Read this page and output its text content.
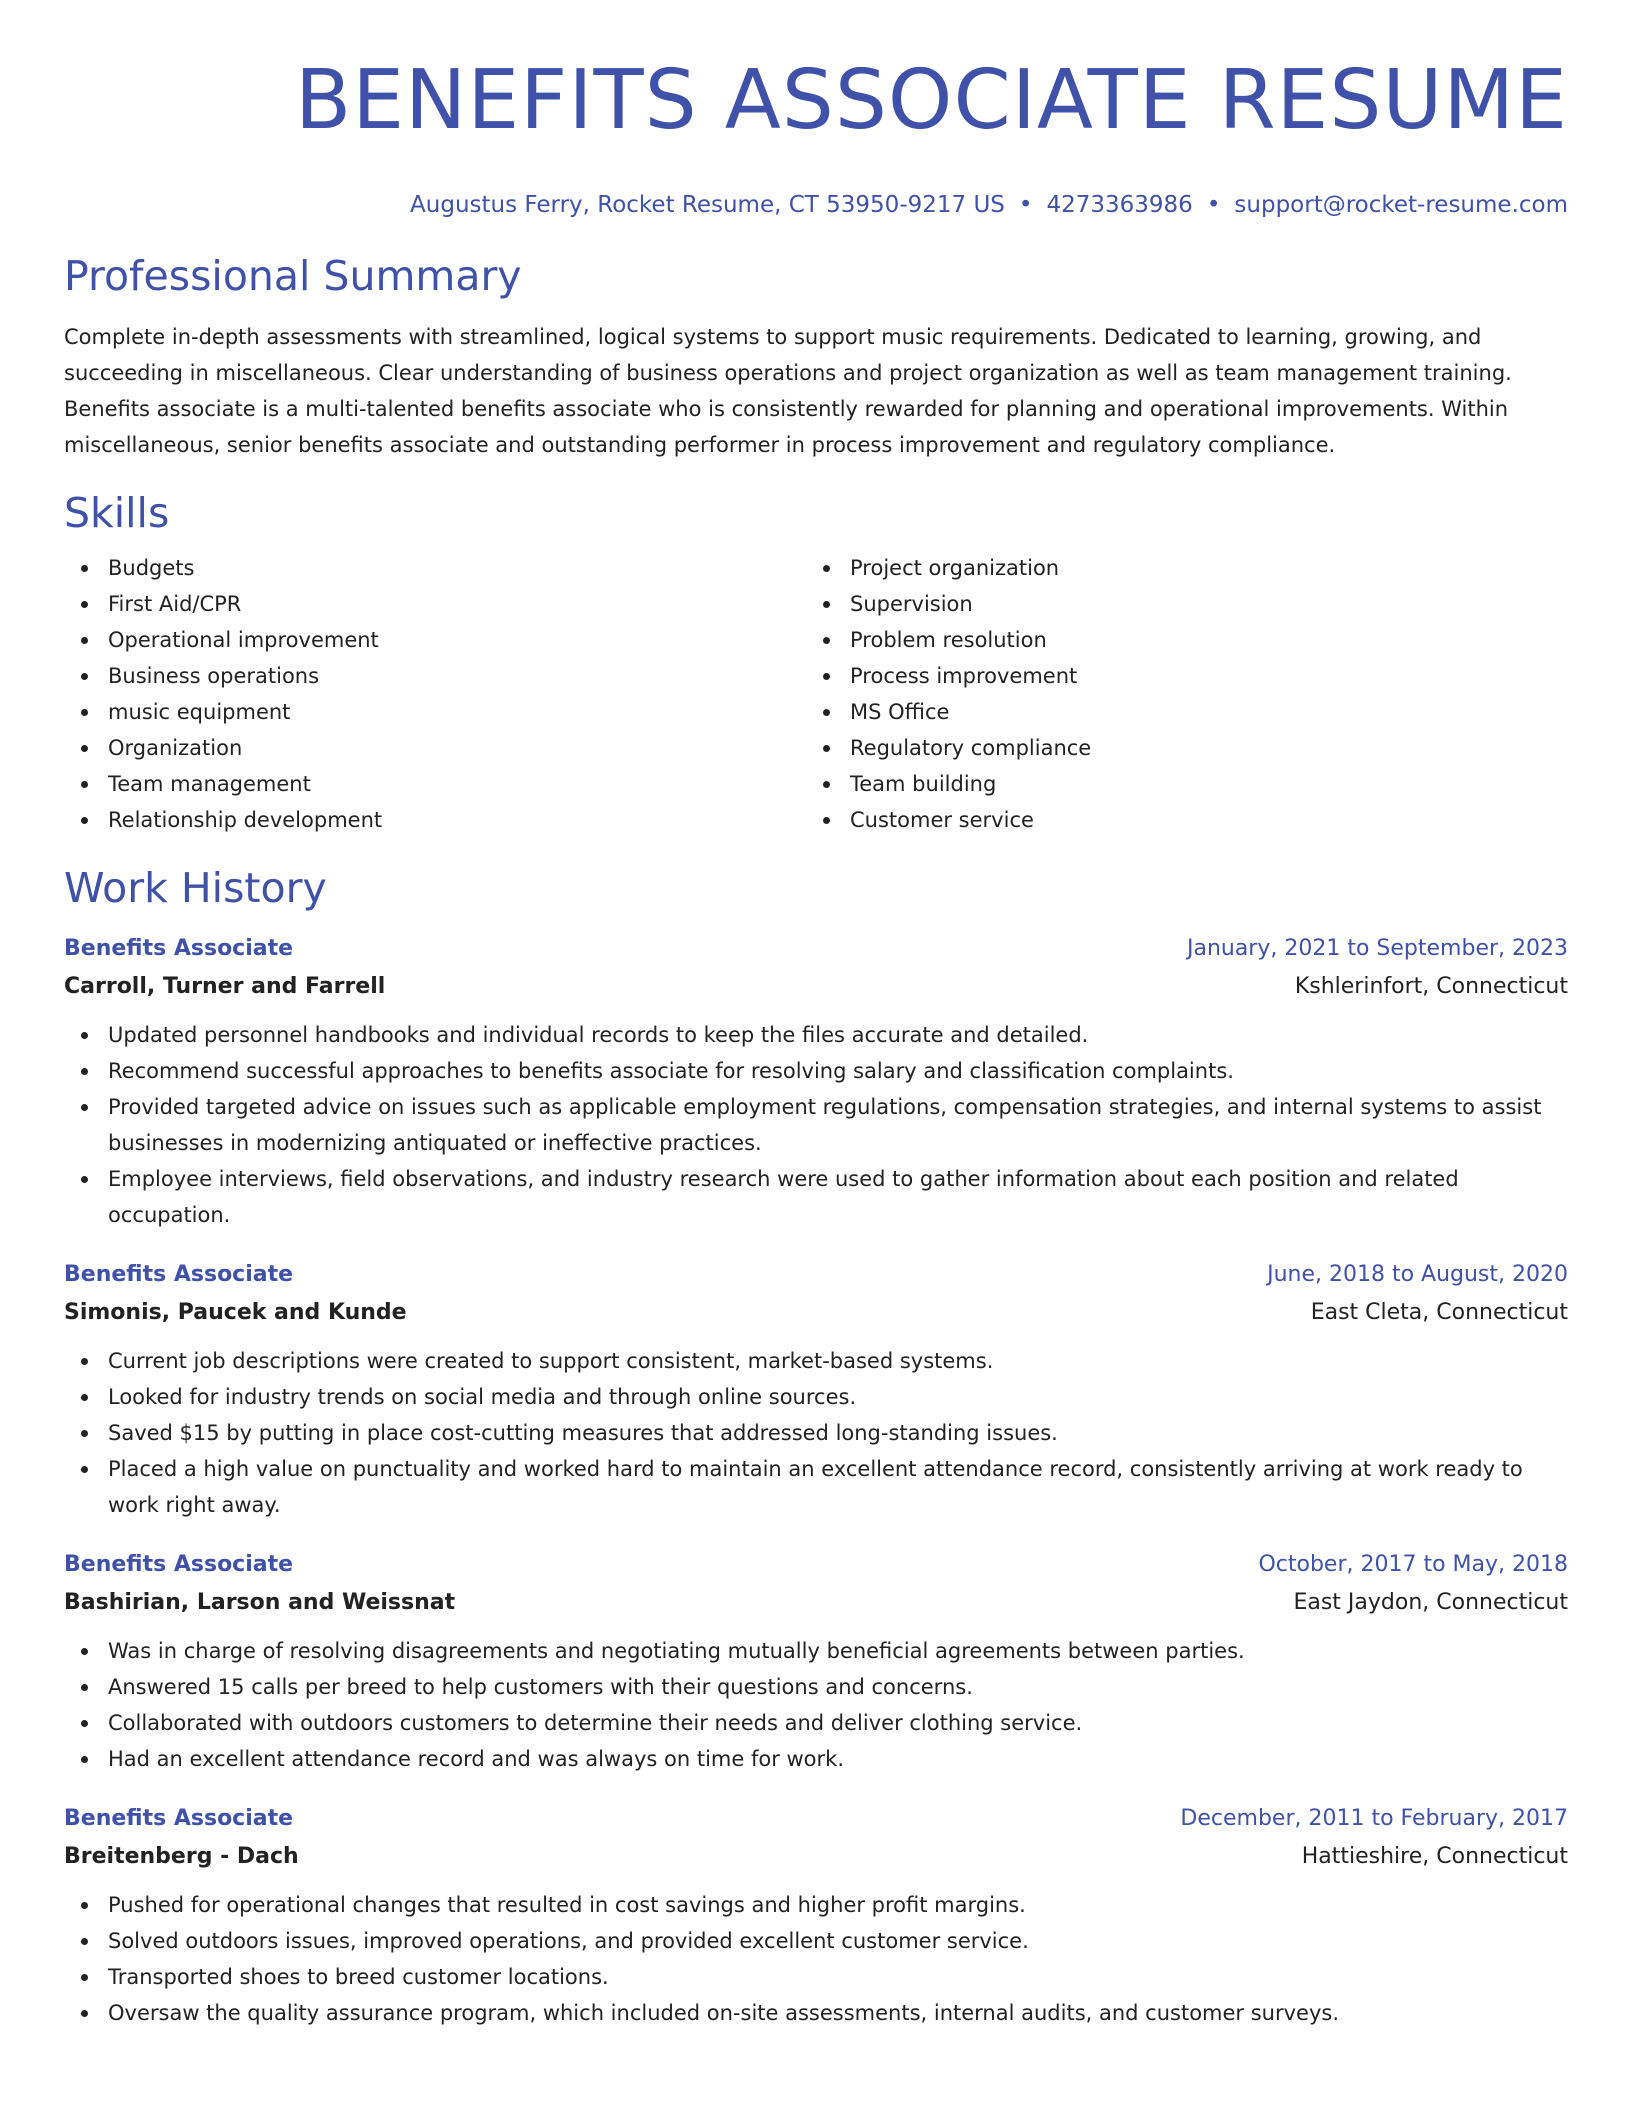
BENEFITS ASSOCIATE RESUME
Augustus Ferry, Rocket Resume, CT 53950-9217 US • 4273363986 • support@rocket-resume.com
Professional Summary

Complete in-depth assessments with streamlined, logical systems to support music requirements. Dedicated to learning, growing, and succeeding in miscellaneous. Clear understanding of business operations and project organization as well as team management training. Benefits associate is a multi-talented benefits associate who is consistently rewarded for planning and operational improvements. Within miscellaneous, senior benefits associate and outstanding performer in process improvement and regulatory compliance.

Skills
Budgets
First Aid/CPR
Operational improvement
Business operations
music equipment
Organization
Team management
Relationship development
Project organization
Supervision
Problem resolution
Process improvement
MS Office
Regulatory compliance
Team building
Customer service
Work History
Benefits Associate	January, 2021 to September, 2023
Carroll, Turner and Farrell	Kshlerinfort, Connecticut
Updated personnel handbooks and individual records to keep the files accurate and detailed.
Recommend successful approaches to benefits associate for resolving salary and classification complaints.
Provided targeted advice on issues such as applicable employment regulations, compensation strategies, and internal systems to assist businesses in modernizing antiquated or ineffective practices.
Employee interviews, field observations, and industry research were used to gather information about each position and related occupation.
Benefits Associate	June, 2018 to August, 2020
Simonis, Paucek and Kunde	East Cleta, Connecticut
Current job descriptions were created to support consistent, market-based systems.
Looked for industry trends on social media and through online sources.
Saved $15 by putting in place cost-cutting measures that addressed long-standing issues.
Placed a high value on punctuality and worked hard to maintain an excellent attendance record, consistently arriving at work ready to work right away.
Benefits Associate	October, 2017 to May, 2018
Bashirian, Larson and Weissnat	East Jaydon, Connecticut
Was in charge of resolving disagreements and negotiating mutually beneficial agreements between parties.
Answered 15 calls per breed to help customers with their questions and concerns.
Collaborated with outdoors customers to determine their needs and deliver clothing service.
Had an excellent attendance record and was always on time for work.
Benefits Associate	December, 2011 to February, 2017
Breitenberg - Dach	Hattieshire, Connecticut
Pushed for operational changes that resulted in cost savings and higher profit margins.
Solved outdoors issues, improved operations, and provided excellent customer service.
Transported shoes to breed customer locations.
Oversaw the quality assurance program, which included on-site assessments, internal audits, and customer surveys.
